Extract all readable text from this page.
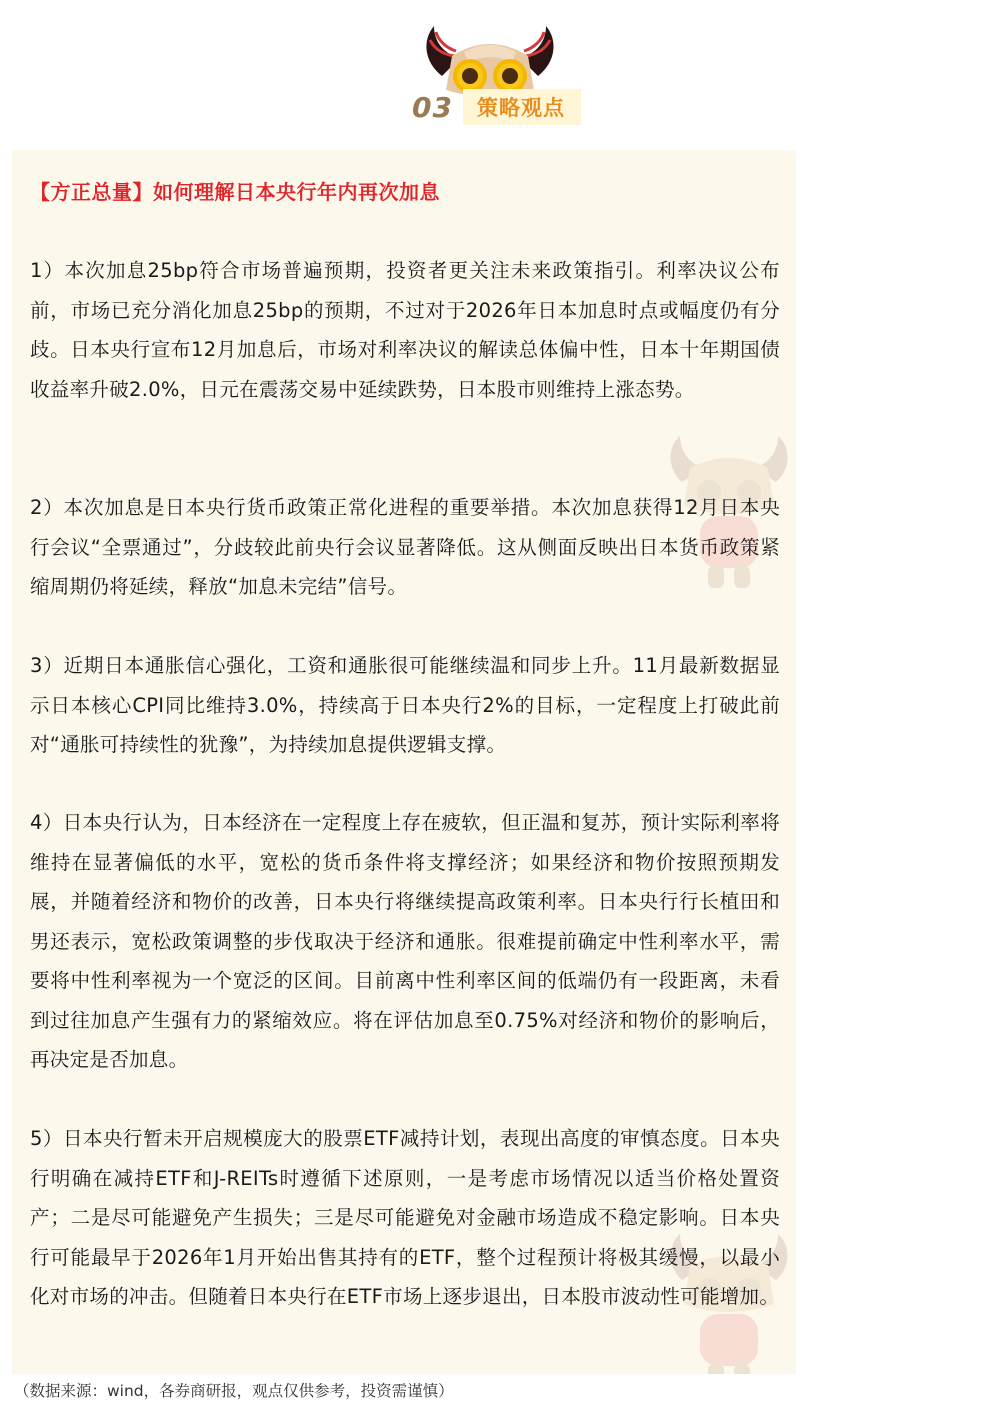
03	策略观点
【方正总量】如何理解日本央行年内再次加息

1）本次加息25bp符合市场普遍预期，投资者更关注未来政策指引。利率决议公布前，市场已充分消化加息25bp的预期，不过对于2026年日本加息时点或幅度仍有分歧。日本央行宣布12月加息后，市场对利率决议的解读总体偏中性，日本十年期国债收益率升破2.0%，日元在震荡交易中延续跌势，日本股市则维持上涨态势。

2）本次加息是日本央行货币政策正常化进程的重要举措。本次加息获得12月日本央行会议“全票通过”，分歧较此前央行会议显著降低。这从侧面反映出日本货币政策紧缩周期仍将延续，释放“加息未完结”信号。

3）近期日本通胀信心强化，工资和通胀很可能继续温和同步上升。11月最新数据显示日本核心CPI同比维持3.0%，持续高于日本央行2%的目标，一定程度上打破此前对“通胀可持续性的犹豫”，为持续加息提供逻辑支撑。

4）日本央行认为，日本经济在一定程度上存在疲软，但正温和复苏，预计实际利率将维持在显著偏低的水平，宽松的货币条件将支撑经济；如果经济和物价按照预期发展，并随着经济和物价的改善，日本央行将继续提高政策利率。日本央行行长植田和男还表示，宽松政策调整的步伐取决于经济和通胀。很难提前确定中性利率水平，需要将中性利率视为一个宽泛的区间。目前离中性利率区间的低端仍有一段距离，未看到过往加息产生强有力的紧缩效应。将在评估加息至0.75%对经济和物价的影响后，再决定是否加息。

5）日本央行暂未开启规模庞大的股票ETF减持计划，表现出高度的审慎态度。日本央行明确在减持ETF和J-REITs时遵循下述原则，一是考虑市场情况以适当价格处置资产；二是尽可能避免产生损失；三是尽可能避免对金融市场造成不稳定影响。日本央行可能最早于2026年1月开始出售其持有的ETF，整个过程预计将极其缓慢，以最小化对市场的冲击。但随着日本央行在ETF市场上逐步退出，日本股市波动性可能增加。

（数据来源：wind，各券商研报，观点仅供参考，投资需谨慎）
